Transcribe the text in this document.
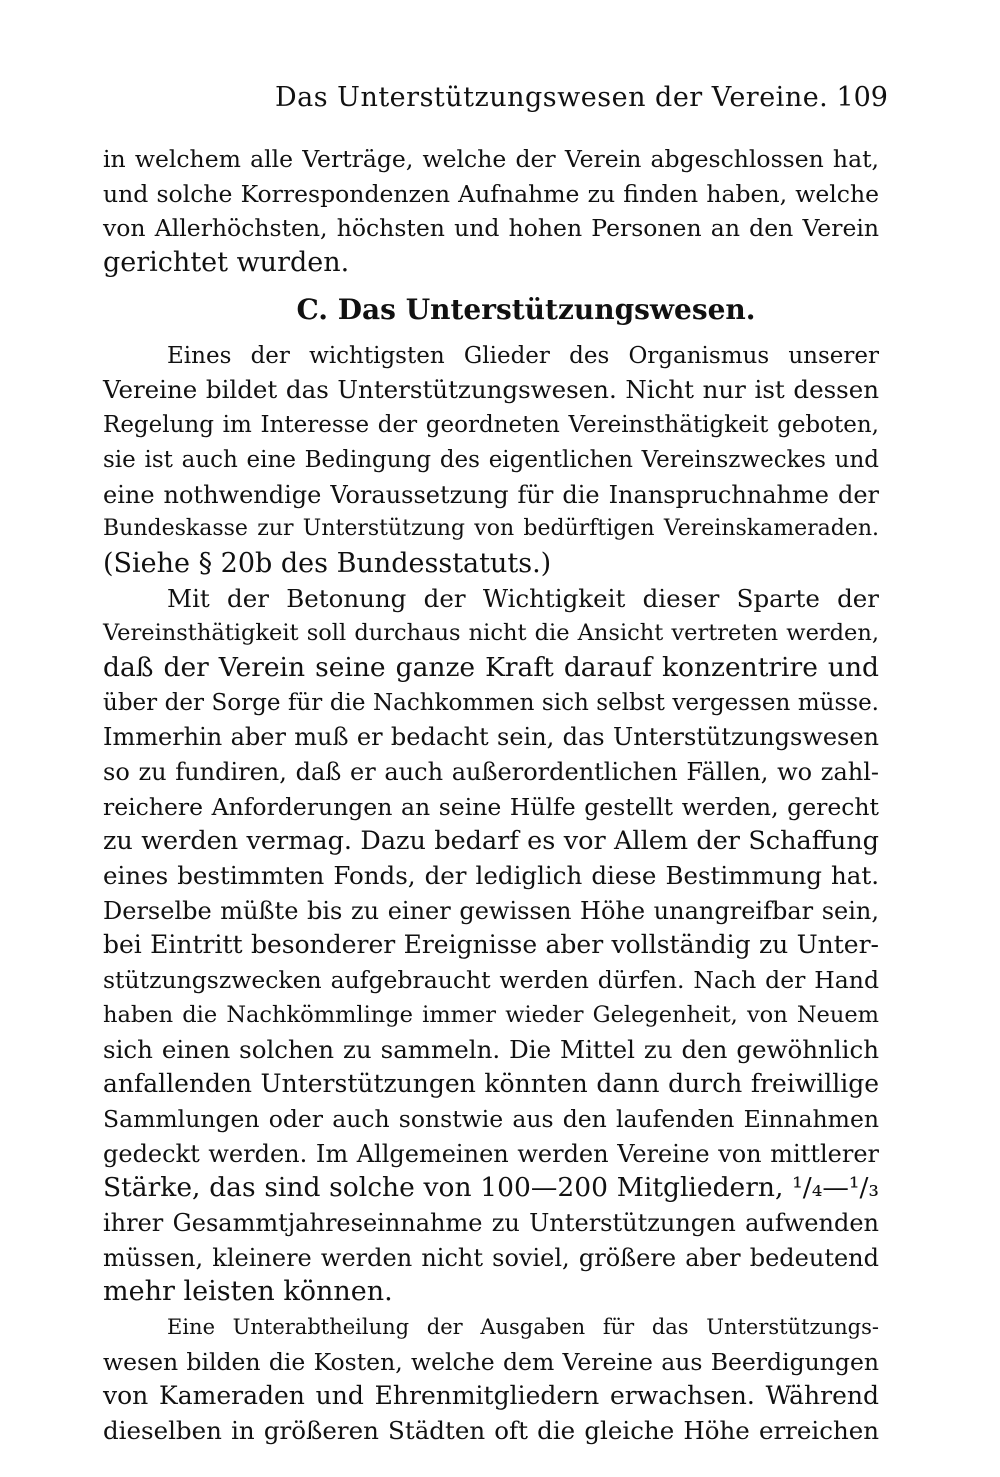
Das Unterstützungswesen der Vereine. 109
in welchem alle Verträge, welche der Verein abgeschlossen hat,
und solche Korrespondenzen Aufnahme zu finden haben, welche
von Allerhöchsten, höchsten und hohen Personen an den Verein
gerichtet wurden.
C. Das Unterstützungswesen.
Eines der wichtigsten Glieder des Organismus unserer
Vereine bildet das Unterstützungswesen. Nicht nur ist dessen
Regelung im Interesse der geordneten Vereinsthätigkeit geboten,
sie ist auch eine Bedingung des eigentlichen Vereinszweckes und
eine nothwendige Voraussetzung für die Inanspruchnahme der
Bundeskasse zur Unterstützung von bedürftigen Vereinskameraden.
(Siehe § 20b des Bundesstatuts.)
Mit der Betonung der Wichtigkeit dieser Sparte der
Vereinsthätigkeit soll durchaus nicht die Ansicht vertreten werden,
daß der Verein seine ganze Kraft darauf konzentrire und
über der Sorge für die Nachkommen sich selbst vergessen müsse.
Immerhin aber muß er bedacht sein, das Unterstützungswesen
so zu fundiren, daß er auch außerordentlichen Fällen, wo zahl-
reichere Anforderungen an seine Hülfe gestellt werden, gerecht
zu werden vermag. Dazu bedarf es vor Allem der Schaffung
eines bestimmten Fonds, der lediglich diese Bestimmung hat.
Derselbe müßte bis zu einer gewissen Höhe unangreifbar sein,
bei Eintritt besonderer Ereignisse aber vollständig zu Unter-
stützungszwecken aufgebraucht werden dürfen. Nach der Hand
haben die Nachkömmlinge immer wieder Gelegenheit, von Neuem
sich einen solchen zu sammeln. Die Mittel zu den gewöhnlich
anfallenden Unterstützungen könnten dann durch freiwillige
Sammlungen oder auch sonstwie aus den laufenden Einnahmen
gedeckt werden. Im Allgemeinen werden Vereine von mittlerer
Stärke, das sind solche von 100—200 Mitgliedern, ¹/₄—¹/₃
ihrer Gesammtjahreseinnahme zu Unterstützungen aufwenden
müssen, kleinere werden nicht soviel, größere aber bedeutend
mehr leisten können.
Eine Unterabtheilung der Ausgaben für das Unterstützungs-
wesen bilden die Kosten, welche dem Vereine aus Beerdigungen
von Kameraden und Ehrenmitgliedern erwachsen. Während
dieselben in größeren Städten oft die gleiche Höhe erreichen
